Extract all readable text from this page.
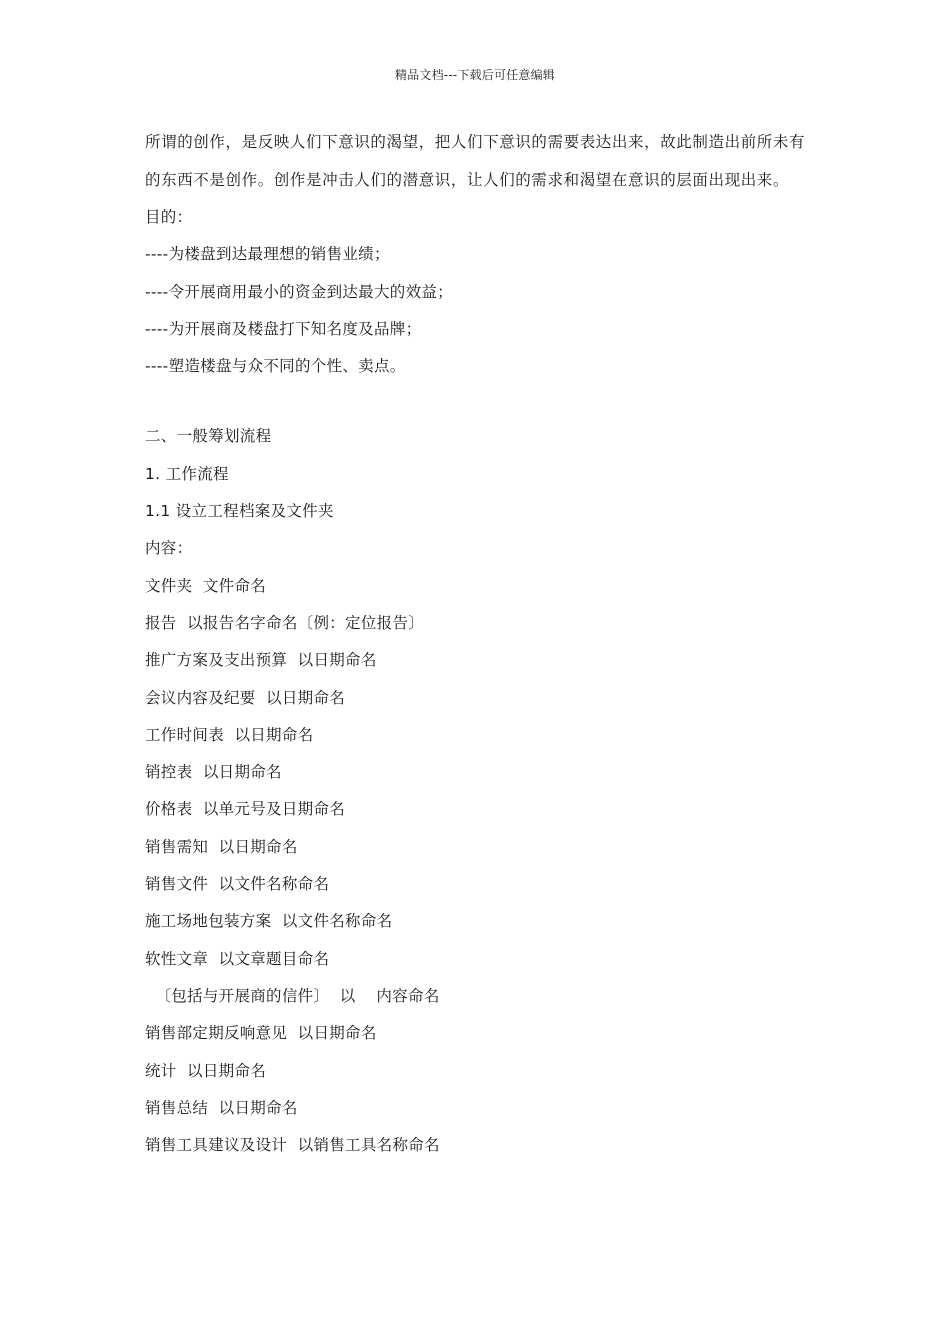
精品文档---下载后可任意编辑

所谓的创作，是反映人们下意识的渴望，把人们下意识的需要表达出来，故此制造出前所未有的东西不是创作。创作是冲击人们的潜意识，让人们的需求和渴望在意识的层面出现出来。

目的：

----为楼盘到达最理想的销售业绩；

----令开展商用最小的资金到达最大的效益；

----为开展商及楼盘打下知名度及品牌；

----塑造楼盘与众不同的个性、卖点。

二、一般筹划流程

1. 工作流程

1.1 设立工程档案及文件夹

内容：

文件夹  文件命名

报告  以报告名字命名〔例：定位报告〕

推广方案及支出预算  以日期命名

会议内容及纪要  以日期命名

工作时间表  以日期命名

销控表  以日期命名

价格表  以单元号及日期命名

销售需知  以日期命名

销售文件  以文件名称命名

施工场地包装方案  以文件名称命名

软性文章  以文章题目命名

〔包括与开展商的信件〕  以    内容命名

销售部定期反响意见  以日期命名

统计  以日期命名

销售总结  以日期命名

销售工具建议及设计  以销售工具名称命名
